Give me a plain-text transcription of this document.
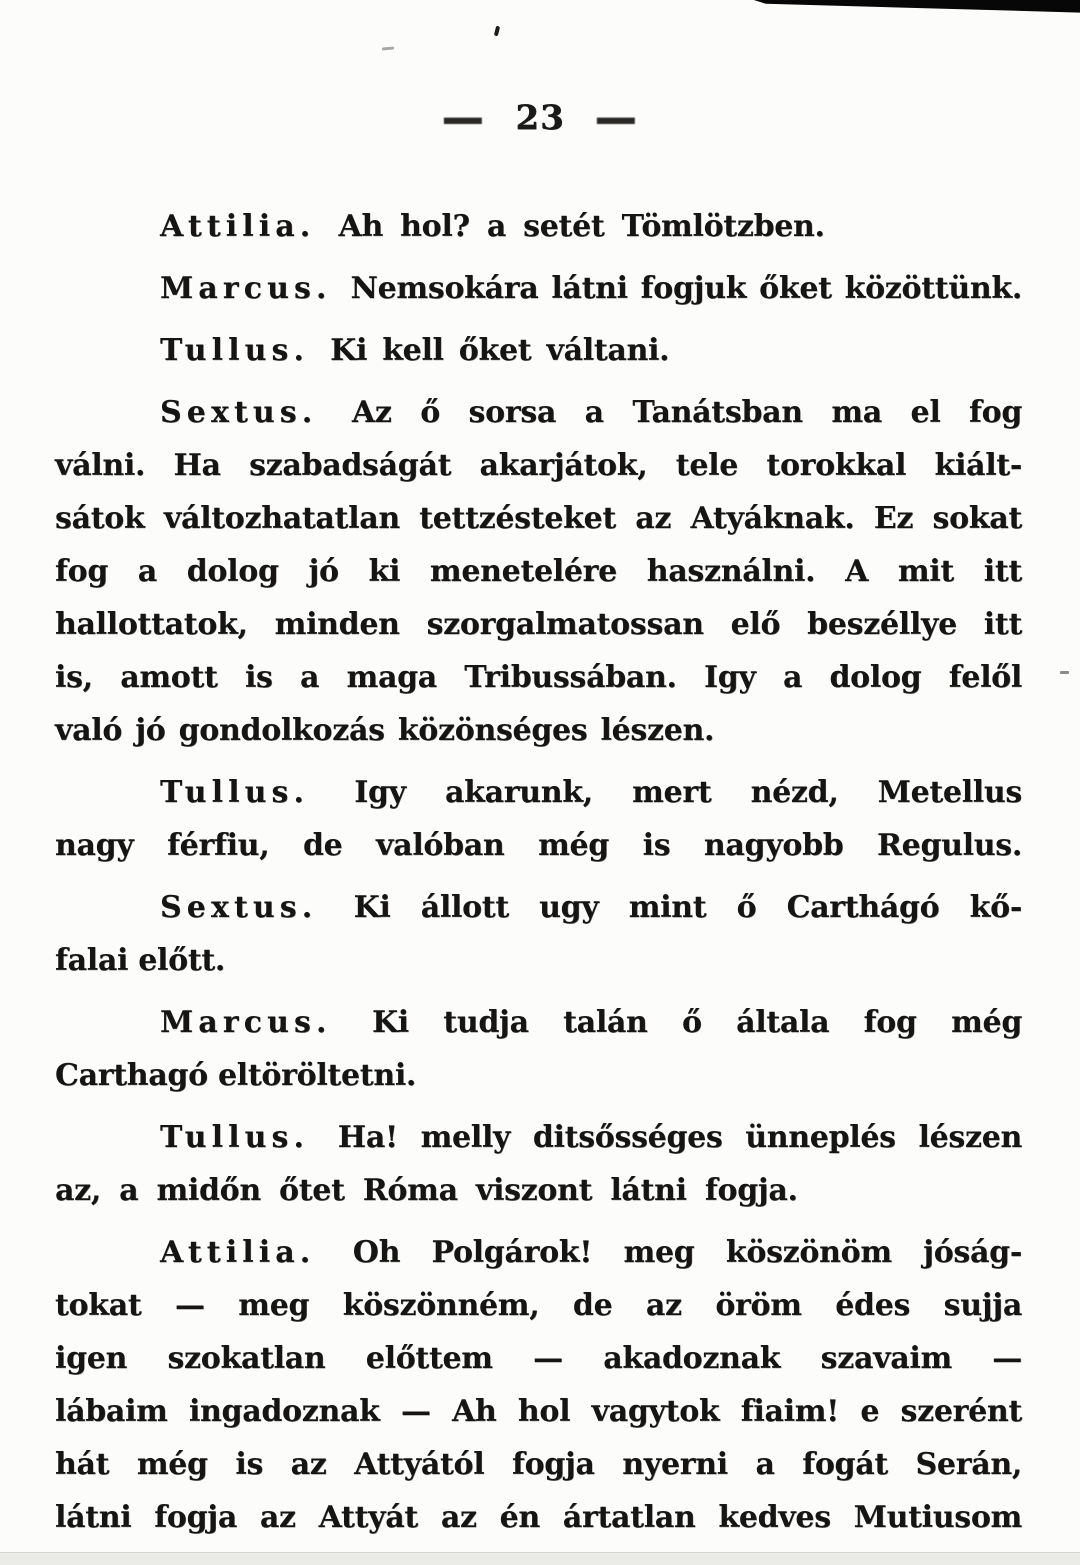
— 23 —
Attilia. Ah hol? a setét Tömlötzben.
Marcus. Nemsokára látni fogjuk őket közöttünk.
Tullus. Ki kell őket váltani.
Sextus. Az ő sorsa a Tanátsban ma el fog
válni. Ha szabadságát akarjátok, tele torokkal kiált-
sátok változhatatlan tettzésteket az Atyáknak. Ez sokat
fog a dolog jó ki menetelére használni. A mit itt
hallottatok, minden szorgalmatossan elő beszéllye itt
is, amott is a maga Tribussában. Igy a dolog felől
való jó gondolkozás közönséges lészen.
Tullus. Igy akarunk, mert nézd, Metellus
nagy férfiu, de valóban még is nagyobb Regulus.
Sextus. Ki állott ugy mint ő Carthágó kő-
falai előtt.
Marcus. Ki tudja talán ő általa fog még
Carthagó eltöröltetni.
Tullus. Ha! melly ditsősséges ünneplés lészen
az, a midőn őtet Róma viszont látni fogja.
Attilia. Oh Polgárok! meg köszönöm jóság-
tokat — meg köszönném, de az öröm édes sujja
igen szokatlan előttem — akadoznak szavaim —
lábaim ingadoznak — Ah hol vagytok fiaim! e szerént
hát még is az Attyától fogja nyerni a fogát Serán,
látni fogja az Attyát az én ártatlan kedves Mutiusom
